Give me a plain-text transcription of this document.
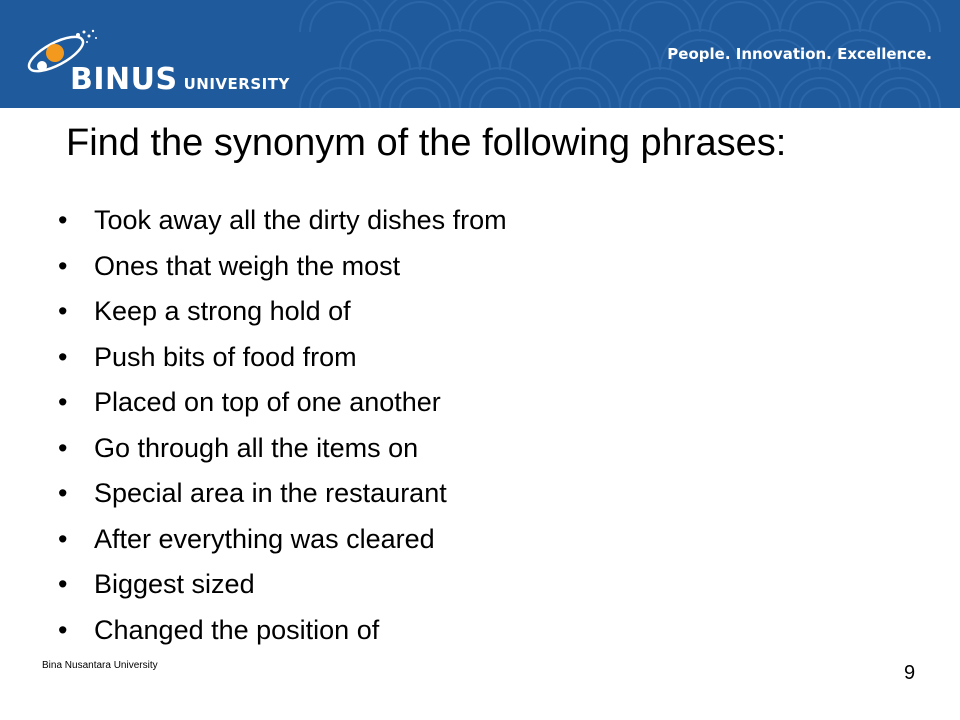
BINUS UNIVERSITY
People. Innovation. Excellence.
Find the synonym of the following phrases:
• Took away all the dirty dishes from
• Ones that weigh the most
• Keep a strong hold of
• Push bits of food from
• Placed on top of one another
• Go through all the items on
• Special area in the restaurant
• After everything was cleared
• Biggest sized
• Changed the position of
Bina Nusantara University	9
